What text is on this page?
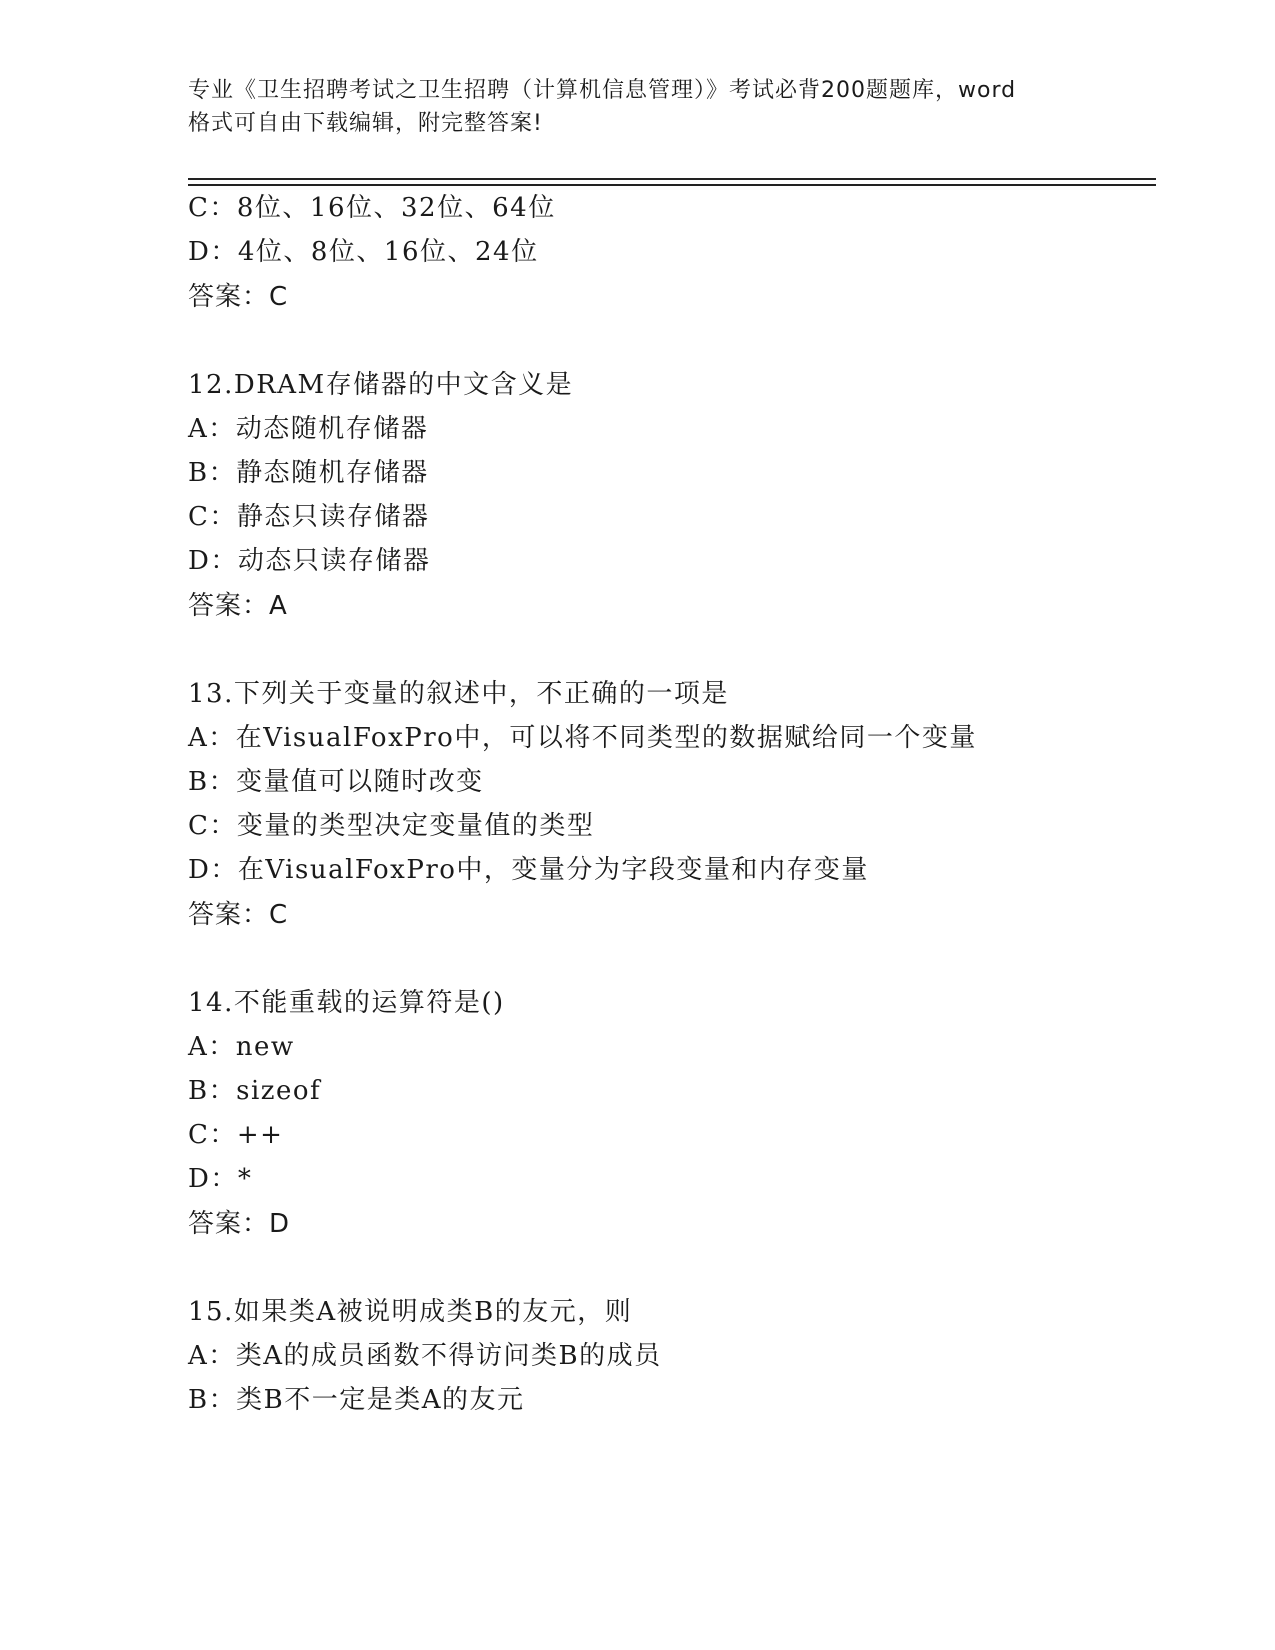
专业《卫生招聘考试之卫生招聘（计算机信息管理）》考试必背200题题库，word
格式可自由下载编辑，附完整答案!
C：8位、16位、32位、64位
D：4位、8位、16位、24位
答案：C
12.DRAM存储器的中文含义是
A：动态随机存储器
B：静态随机存储器
C：静态只读存储器
D：动态只读存储器
答案：A
13.下列关于变量的叙述中，不正确的一项是
A：在VisualFoxPro中，可以将不同类型的数据赋给同一个变量
B：变量值可以随时改变
C：变量的类型决定变量值的类型
D：在VisualFoxPro中，变量分为字段变量和内存变量
答案：C
14.不能重载的运算符是()
A：new
B：sizeof
C：++
D：*
答案：D
15.如果类A被说明成类B的友元，则
A：类A的成员函数不得访问类B的成员
B：类B不一定是类A的友元
